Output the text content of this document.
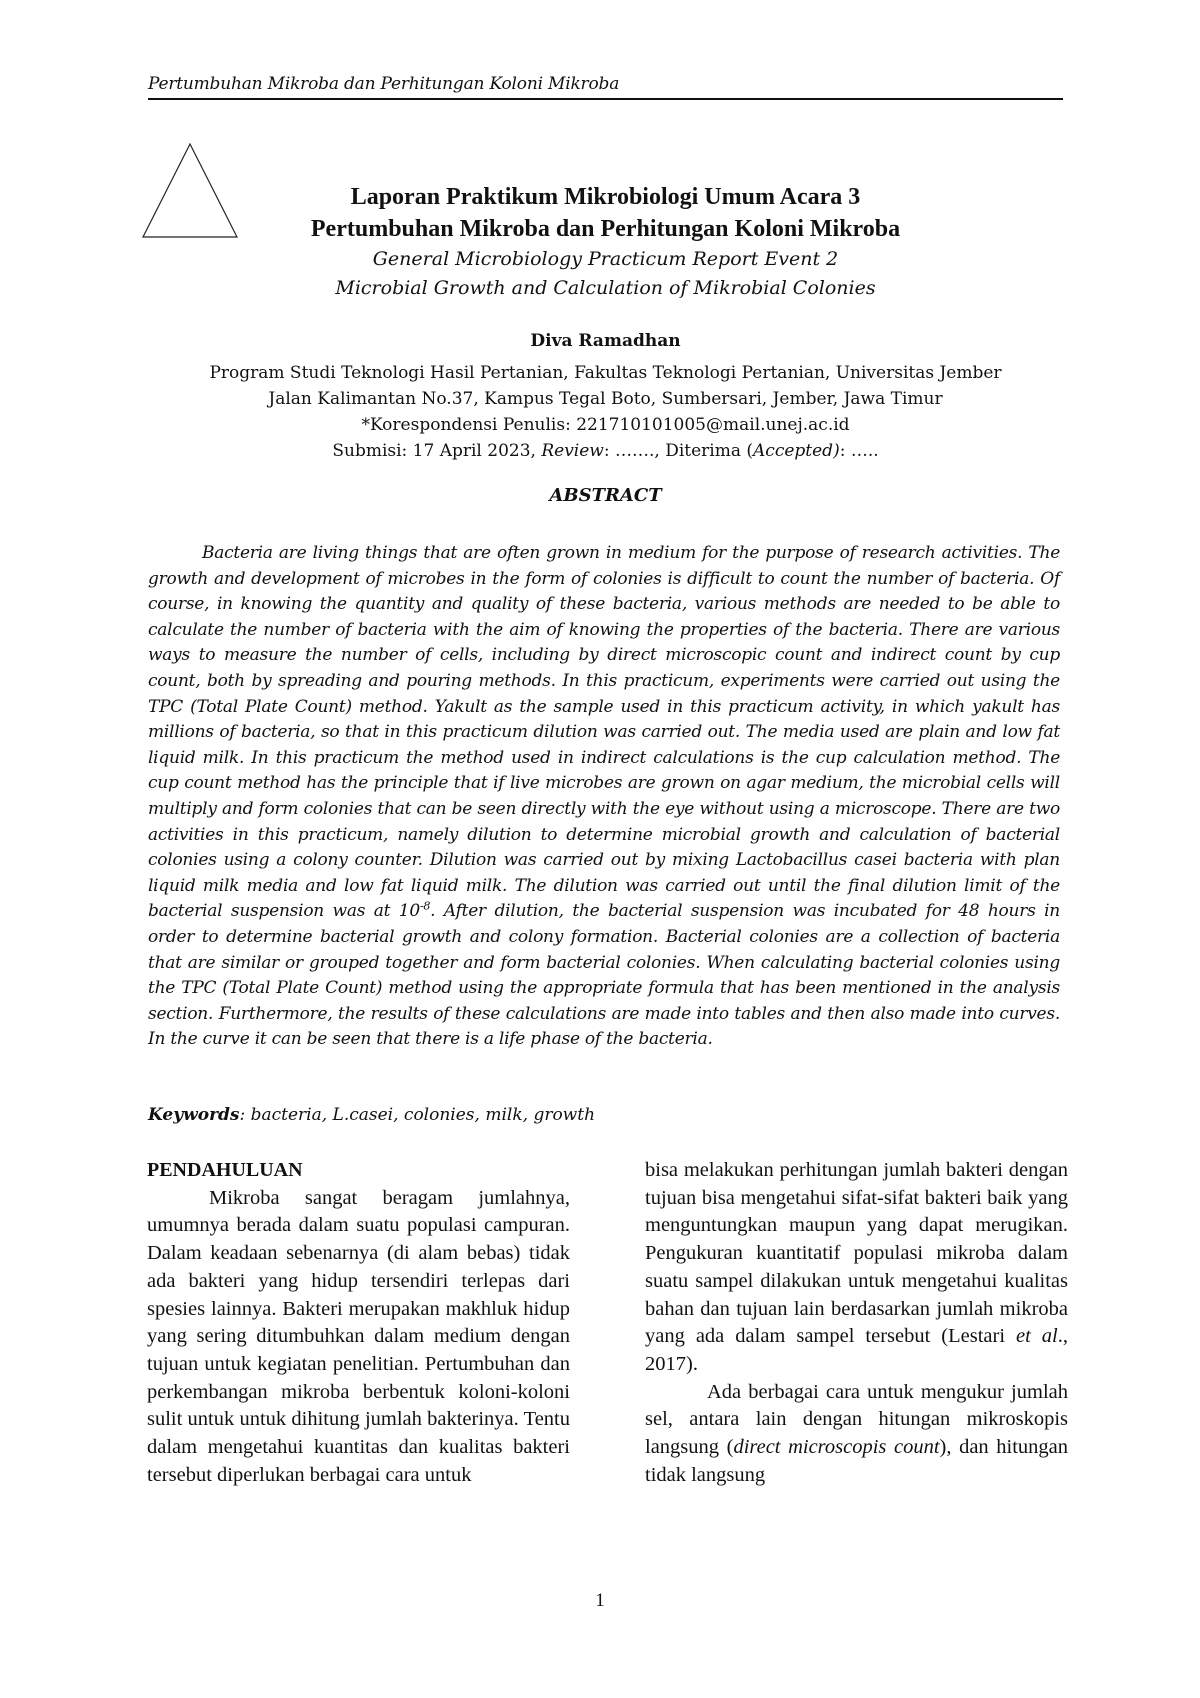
Pertumbuhan Mikroba dan Perhitungan Koloni Mikroba
Laporan Praktikum Mikrobiologi Umum Acara 3
Pertumbuhan Mikroba dan Perhitungan Koloni Mikroba
General Microbiology Practicum Report Event 2
Microbial Growth and Calculation of Mikrobial Colonies
Diva Ramadhan
Program Studi Teknologi Hasil Pertanian, Fakultas Teknologi Pertanian, Universitas Jember
Jalan Kalimantan No.37, Kampus Tegal Boto, Sumbersari, Jember, Jawa Timur
*Korespondensi Penulis: 221710101005@mail.unej.ac.id
Submisi: 17 April 2023, Review: ……., Diterima (Accepted): …..
ABSTRACT
Bacteria are living things that are often grown in medium for the purpose of research activities. The growth and development of microbes in the form of colonies is difficult to count the number of bacteria. Of course, in knowing the quantity and quality of these bacteria, various methods are needed to be able to calculate the number of bacteria with the aim of knowing the properties of the bacteria. There are various ways to measure the number of cells, including by direct microscopic count and indirect count by cup count, both by spreading and pouring methods. In this practicum, experiments were carried out using the TPC (Total Plate Count) method. Yakult as the sample used in this practicum activity, in which yakult has millions of bacteria, so that in this practicum dilution was carried out. The media used are plain and low fat liquid milk. In this practicum the method used in indirect calculations is the cup calculation method. The cup count method has the principle that if live microbes are grown on agar medium, the microbial cells will multiply and form colonies that can be seen directly with the eye without using a microscope. There are two activities in this practicum, namely dilution to determine microbial growth and calculation of bacterial colonies using a colony counter. Dilution was carried out by mixing Lactobacillus casei bacteria with plan liquid milk media and low fat liquid milk. The dilution was carried out until the final dilution limit of the bacterial suspension was at $10^{-8}$. After dilution, the bacterial suspension was incubated for 48 hours in order to determine bacterial growth and colony formation. Bacterial colonies are a collection of bacteria that are similar or grouped together and form bacterial colonies. When calculating bacterial colonies using the TPC (Total Plate Count) method using the appropriate formula that has been mentioned in the analysis section. Furthermore, the results of these calculations are made into tables and then also made into curves. In the curve it can be seen that there is a life phase of the bacteria.
Keywords: bacteria, L.casei, colonies, milk, growth
PENDAHULUAN
Mikroba sangat beragam jumlahnya, umumnya berada dalam suatu populasi campuran. Dalam keadaan sebenarnya (di alam bebas) tidak ada bakteri yang hidup tersendiri terlepas dari spesies lainnya. Bakteri merupakan makhluk hidup yang sering ditumbuhkan dalam medium dengan tujuan untuk kegiatan penelitian. Pertumbuhan dan perkembangan mikroba berbentuk koloni-koloni sulit untuk untuk dihitung jumlah bakterinya. Tentu dalam mengetahui kuantitas dan kualitas bakteri tersebut diperlukan berbagai cara untuk
bisa melakukan perhitungan jumlah bakteri dengan tujuan bisa mengetahui sifat-sifat bakteri baik yang menguntungkan maupun yang dapat merugikan. Pengukuran kuantitatif populasi mikroba dalam suatu sampel dilakukan untuk mengetahui kualitas bahan dan tujuan lain berdasarkan jumlah mikroba yang ada dalam sampel tersebut (Lestari et al., 2017).
Ada berbagai cara untuk mengukur jumlah sel, antara lain dengan hitungan mikroskopis langsung (direct microscopis count), dan hitungan tidak langsung
1
